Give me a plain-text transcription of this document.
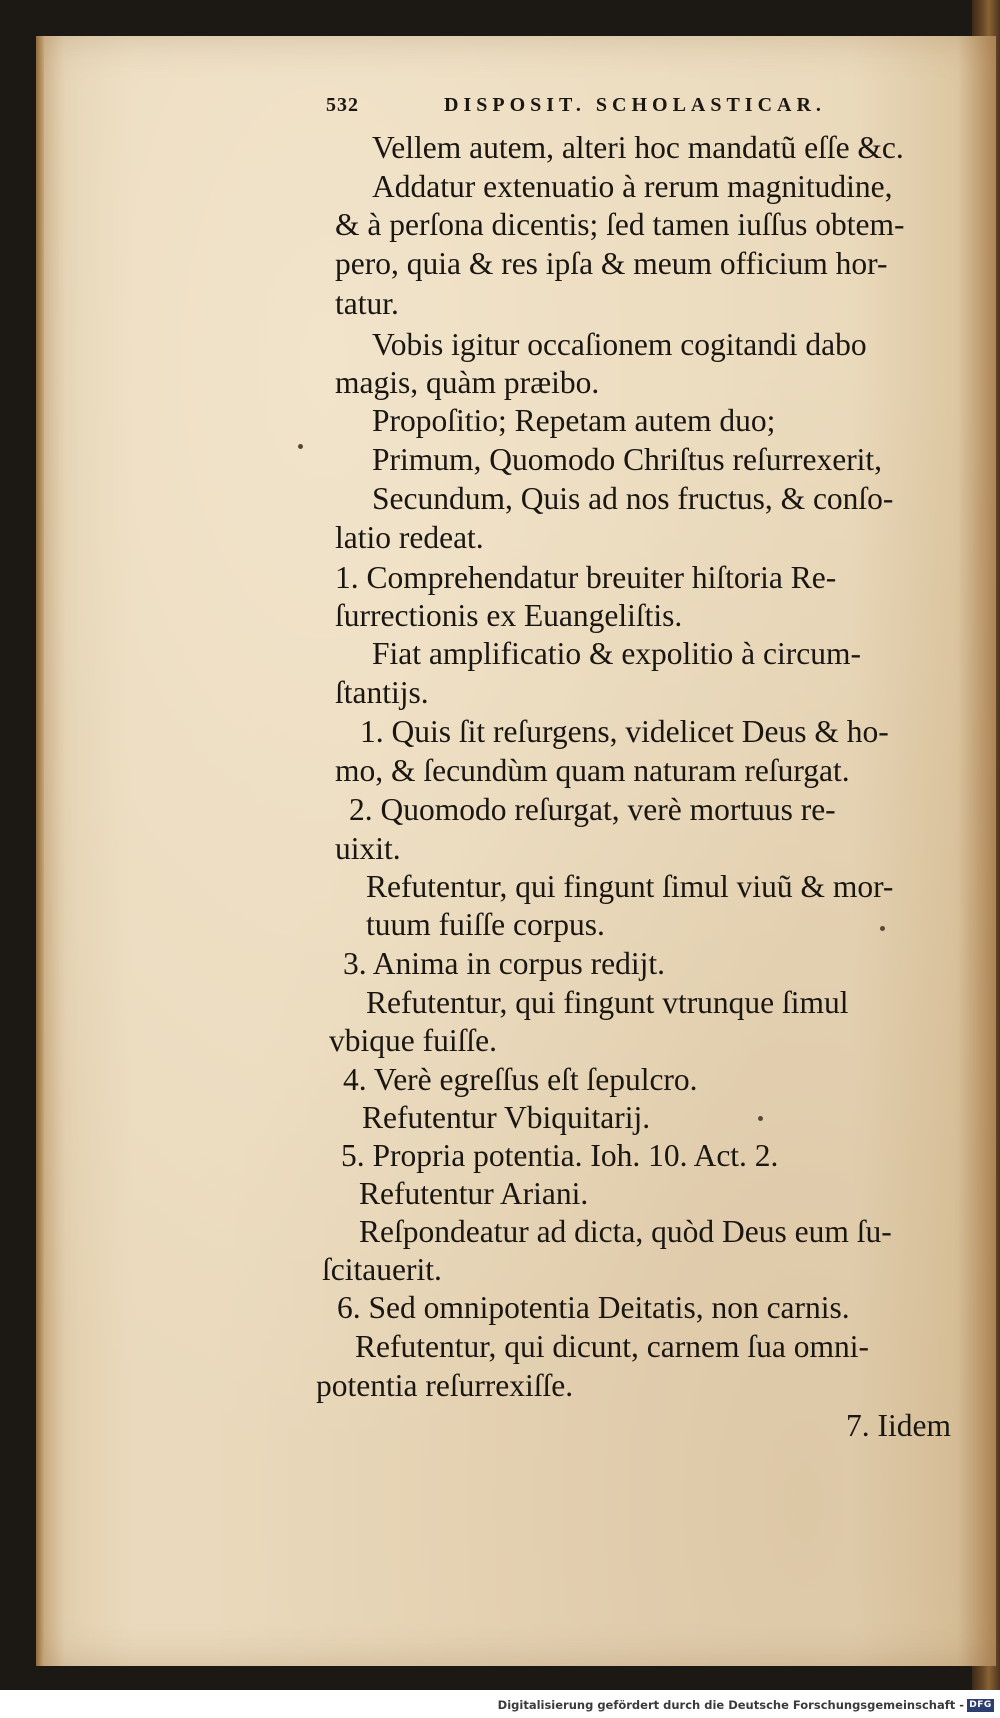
532	DISPOSIT. SCHOLASTICAR.
Vellem autem, alteri hoc mandatũ eſſe &c.
Addatur extenuatio à rerum magnitudine,
& à perſona dicentis; ſed tamen iuſſus obtem-
pero, quia & res ipſa & meum officium hor-
tatur.
Vobis igitur occaſionem cogitandi dabo
magis, quàm præibo.
Propoſitio; Repetam autem duo;
Primum, Quomodo Chriſtus reſurrexerit,
Secundum, Quis ad nos fructus, & conſo-
latio redeat.
1. Comprehendatur breuiter hiſtoria Re-
ſurrectionis ex Euangeliſtis.
Fiat amplificatio & expolitio à circum-
ſtantijs.
1. Quis ſit reſurgens, videlicet Deus & ho-
mo, & ſecundùm quam naturam reſurgat.
2. Quomodo reſurgat, verè mortuus re-
uixit.
Refutentur, qui fingunt ſimul viuũ & mor-
tuum fuiſſe corpus.
3. Anima in corpus redijt.
Refutentur, qui fingunt vtrunque ſimul
vbique fuiſſe.
4. Verè egreſſus eſt ſepulcro.
Refutentur Vbiquitarij.
5. Propria potentia. Ioh. 10. Act. 2.
Refutentur Ariani.
Reſpondeatur ad dicta, quòd Deus eum ſu-
ſcitauerit.
6. Sed omnipotentia Deitatis, non carnis.
Refutentur, qui dicunt, carnem ſua omni-
potentia reſurrexiſſe.
7. Iidem
Digitalisierung gefördert durch die Deutsche Forschungsgemeinschaft - DFG
